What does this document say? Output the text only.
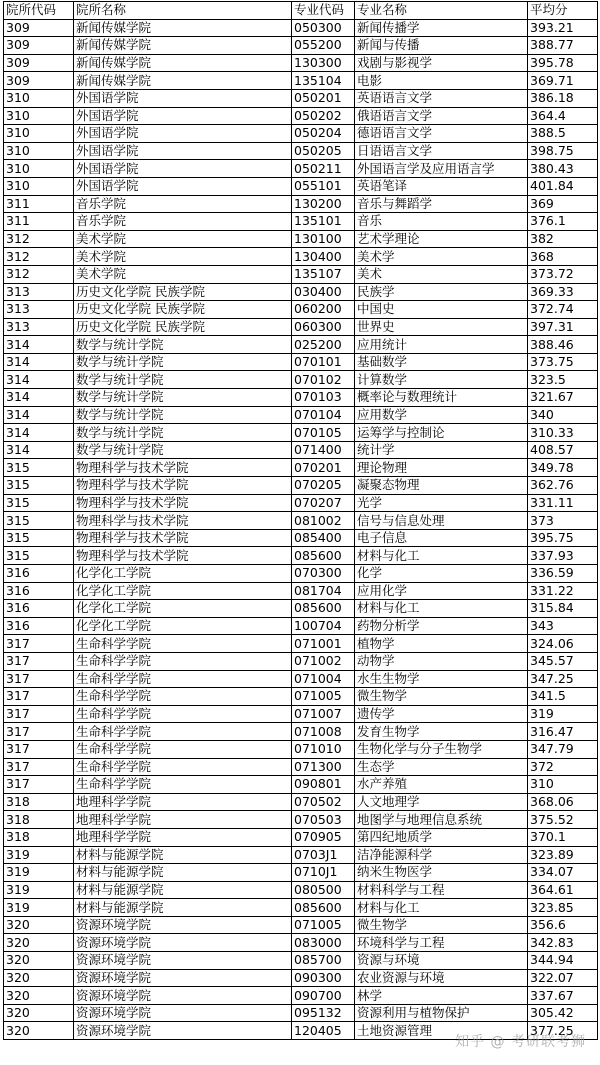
院所代码	院所名称	专业代码	专业名称	平均分
309	新闻传媒学院	050300	新闻传播学	393.21
309	新闻传媒学院	055200	新闻与传播	388.77
309	新闻传媒学院	130300	戏剧与影视学	395.78
309	新闻传媒学院	135104	电影	369.71
310	外国语学院	050201	英语语言文学	386.18
310	外国语学院	050202	俄语语言文学	364.4
310	外国语学院	050204	德语语言文学	388.5
310	外国语学院	050205	日语语言文学	398.75
310	外国语学院	050211	外国语言学及应用语言学	380.43
310	外国语学院	055101	英语笔译	401.84
311	音乐学院	130200	音乐与舞蹈学	369
311	音乐学院	135101	音乐	376.1
312	美术学院	130100	艺术学理论	382
312	美术学院	130400	美术学	368
312	美术学院	135107	美术	373.72
313	历史文化学院 民族学院	030400	民族学	369.33
313	历史文化学院 民族学院	060200	中国史	372.74
313	历史文化学院 民族学院	060300	世界史	397.31
314	数学与统计学院	025200	应用统计	388.46
314	数学与统计学院	070101	基础数学	373.75
314	数学与统计学院	070102	计算数学	323.5
314	数学与统计学院	070103	概率论与数理统计	321.67
314	数学与统计学院	070104	应用数学	340
314	数学与统计学院	070105	运筹学与控制论	310.33
314	数学与统计学院	071400	统计学	408.57
315	物理科学与技术学院	070201	理论物理	349.78
315	物理科学与技术学院	070205	凝聚态物理	362.76
315	物理科学与技术学院	070207	光学	331.11
315	物理科学与技术学院	081002	信号与信息处理	373
315	物理科学与技术学院	085400	电子信息	395.75
315	物理科学与技术学院	085600	材料与化工	337.93
316	化学化工学院	070300	化学	336.59
316	化学化工学院	081704	应用化学	331.22
316	化学化工学院	085600	材料与化工	315.84
316	化学化工学院	100704	药物分析学	343
317	生命科学学院	071001	植物学	324.06
317	生命科学学院	071002	动物学	345.57
317	生命科学学院	071004	水生生物学	347.25
317	生命科学学院	071005	微生物学	341.5
317	生命科学学院	071007	遗传学	319
317	生命科学学院	071008	发育生物学	316.47
317	生命科学学院	071010	生物化学与分子生物学	347.79
317	生命科学学院	071300	生态学	372
317	生命科学学院	090801	水产养殖	310
318	地理科学学院	070502	人文地理学	368.06
318	地理科学学院	070503	地图学与地理信息系统	375.52
318	地理科学学院	070905	第四纪地质学	370.1
319	材料与能源学院	0703J1	洁净能源科学	323.89
319	材料与能源学院	0710J1	纳米生物医学	334.07
319	材料与能源学院	080500	材料科学与工程	364.61
319	材料与能源学院	085600	材料与化工	323.85
320	资源环境学院	071005	微生物学	356.6
320	资源环境学院	083000	环境科学与工程	342.83
320	资源环境学院	085700	资源与环境	344.94
320	资源环境学院	090300	农业资源与环境	322.07
320	资源环境学院	090700	林学	337.67
320	资源环境学院	095132	资源利用与植物保护	305.42
320	资源环境学院	120405	土地资源管理	377.25
知乎 @ 考研联考狮
